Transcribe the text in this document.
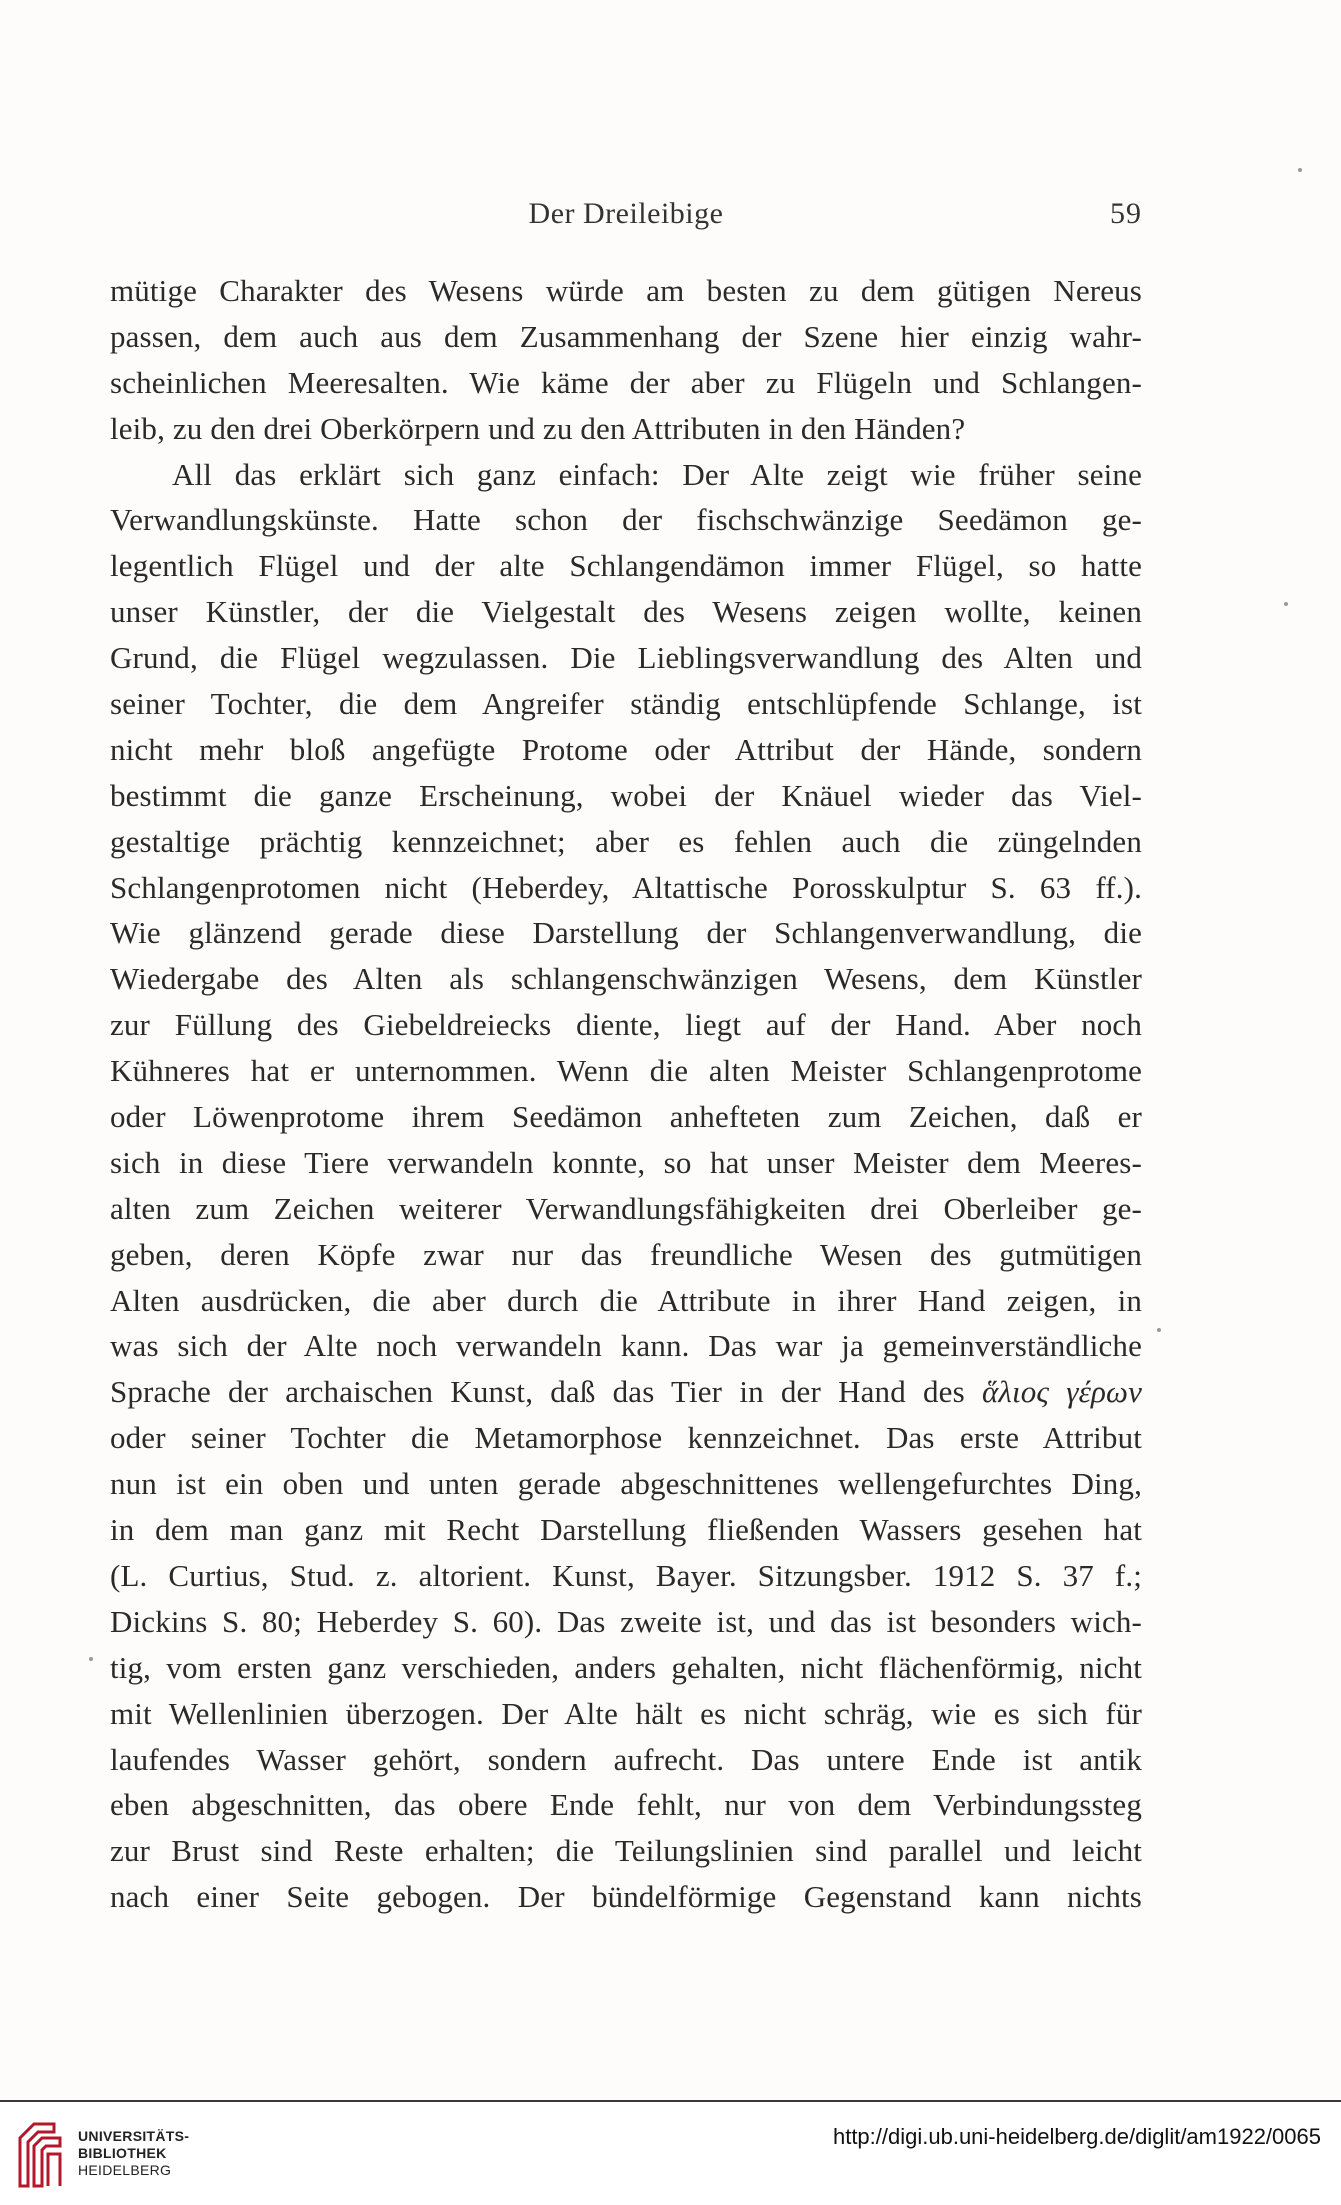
Der Dreileibige	59
mütige Charakter des Wesens würde am besten zu dem gütigen Nereus
passen, dem auch aus dem Zusammenhang der Szene hier einzig wahr-
scheinlichen Meeresalten. Wie käme der aber zu Flügeln und Schlangen-
leib, zu den drei Oberkörpern und zu den Attributen in den Händen?
All das erklärt sich ganz einfach: Der Alte zeigt wie früher seine
Verwandlungskünste. Hatte schon der fischschwänzige Seedämon ge-
legentlich Flügel und der alte Schlangendämon immer Flügel, so hatte
unser Künstler, der die Vielgestalt des Wesens zeigen wollte, keinen
Grund, die Flügel wegzulassen. Die Lieblingsverwandlung des Alten und
seiner Tochter, die dem Angreifer ständig entschlüpfende Schlange, ist
nicht mehr bloß angefügte Protome oder Attribut der Hände, sondern
bestimmt die ganze Erscheinung, wobei der Knäuel wieder das Viel-
gestaltige prächtig kennzeichnet; aber es fehlen auch die züngelnden
Schlangenprotomen nicht (Heberdey, Altattische Porosskulptur S. 63 ff.).
Wie glänzend gerade diese Darstellung der Schlangenverwandlung, die
Wiedergabe des Alten als schlangenschwänzigen Wesens, dem Künstler
zur Füllung des Giebeldreiecks diente, liegt auf der Hand. Aber noch
Kühneres hat er unternommen. Wenn die alten Meister Schlangenprotome
oder Löwenprotome ihrem Seedämon anhefteten zum Zeichen, daß er
sich in diese Tiere verwandeln konnte, so hat unser Meister dem Meeres-
alten zum Zeichen weiterer Verwandlungsfähigkeiten drei Oberleiber ge-
geben, deren Köpfe zwar nur das freundliche Wesen des gutmütigen
Alten ausdrücken, die aber durch die Attribute in ihrer Hand zeigen, in
was sich der Alte noch verwandeln kann. Das war ja gemeinverständliche
Sprache der archaischen Kunst, daß das Tier in der Hand des ἅλιος γέρων
oder seiner Tochter die Metamorphose kennzeichnet. Das erste Attribut
nun ist ein oben und unten gerade abgeschnittenes wellengefurchtes Ding,
in dem man ganz mit Recht Darstellung fließenden Wassers gesehen hat
(L. Curtius, Stud. z. altorient. Kunst, Bayer. Sitzungsber. 1912 S. 37 f.;
Dickins S. 80; Heberdey S. 60). Das zweite ist, und das ist besonders wich-
tig, vom ersten ganz verschieden, anders gehalten, nicht flächenförmig, nicht
mit Wellenlinien überzogen. Der Alte hält es nicht schräg, wie es sich für
laufendes Wasser gehört, sondern aufrecht. Das untere Ende ist antik
eben abgeschnitten, das obere Ende fehlt, nur von dem Verbindungssteg
zur Brust sind Reste erhalten; die Teilungslinien sind parallel und leicht
nach einer Seite gebogen. Der bündelförmige Gegenstand kann nichts
UNIVERSITÄTS-
BIBLIOTHEK
HEIDELBERG
http://digi.ub.uni-heidelberg.de/diglit/am1922/0065
